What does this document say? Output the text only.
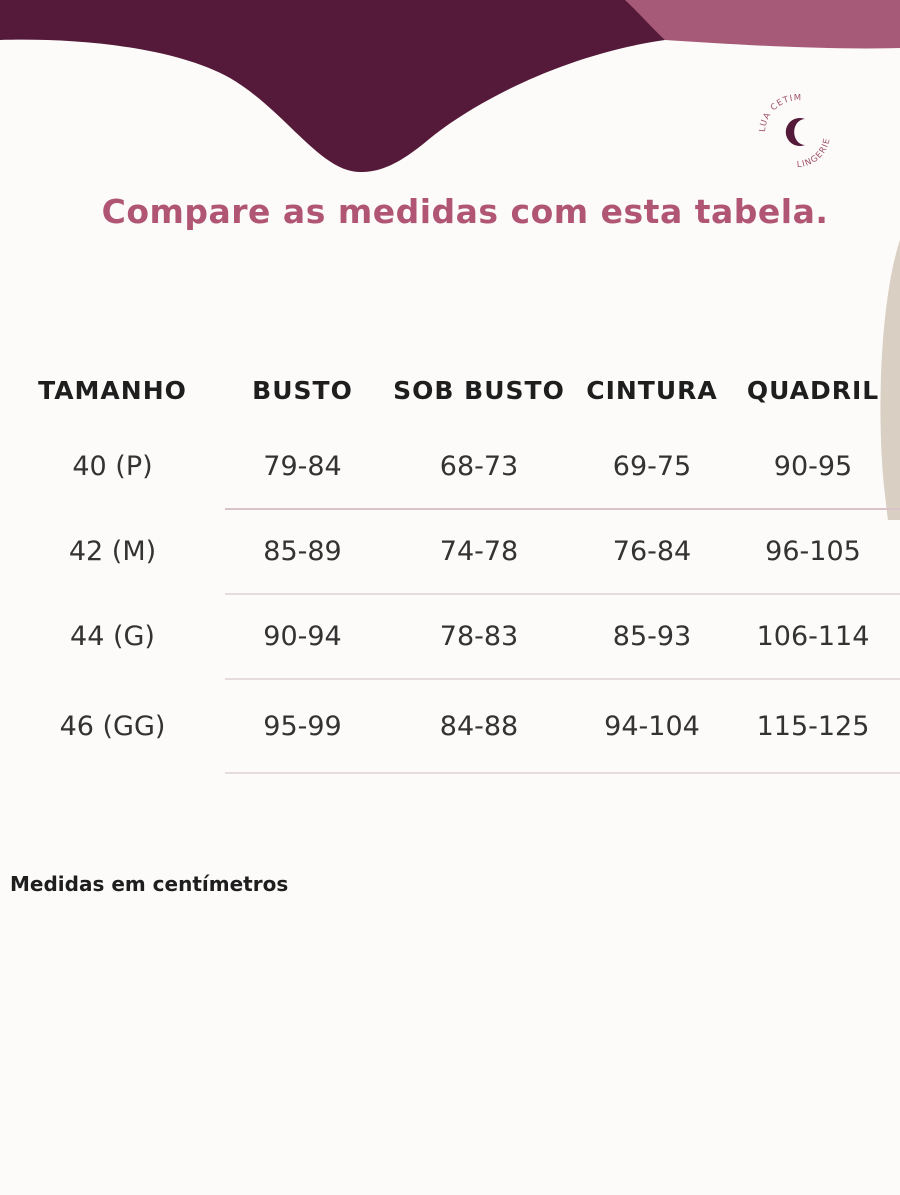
LUA CETIM
LINGERIE
Compare as medidas com esta tabela.
TAMANHO	BUSTO	SOB BUSTO	CINTURA	QUADRIL
40 (P)	79-84	68-73	69-75	90-95
42 (M)	85-89	74-78	76-84	96-105
44 (G)	90-94	78-83	85-93	106-114
46 (GG)	95-99	84-88	94-104	115-125
Medidas em centímetros
